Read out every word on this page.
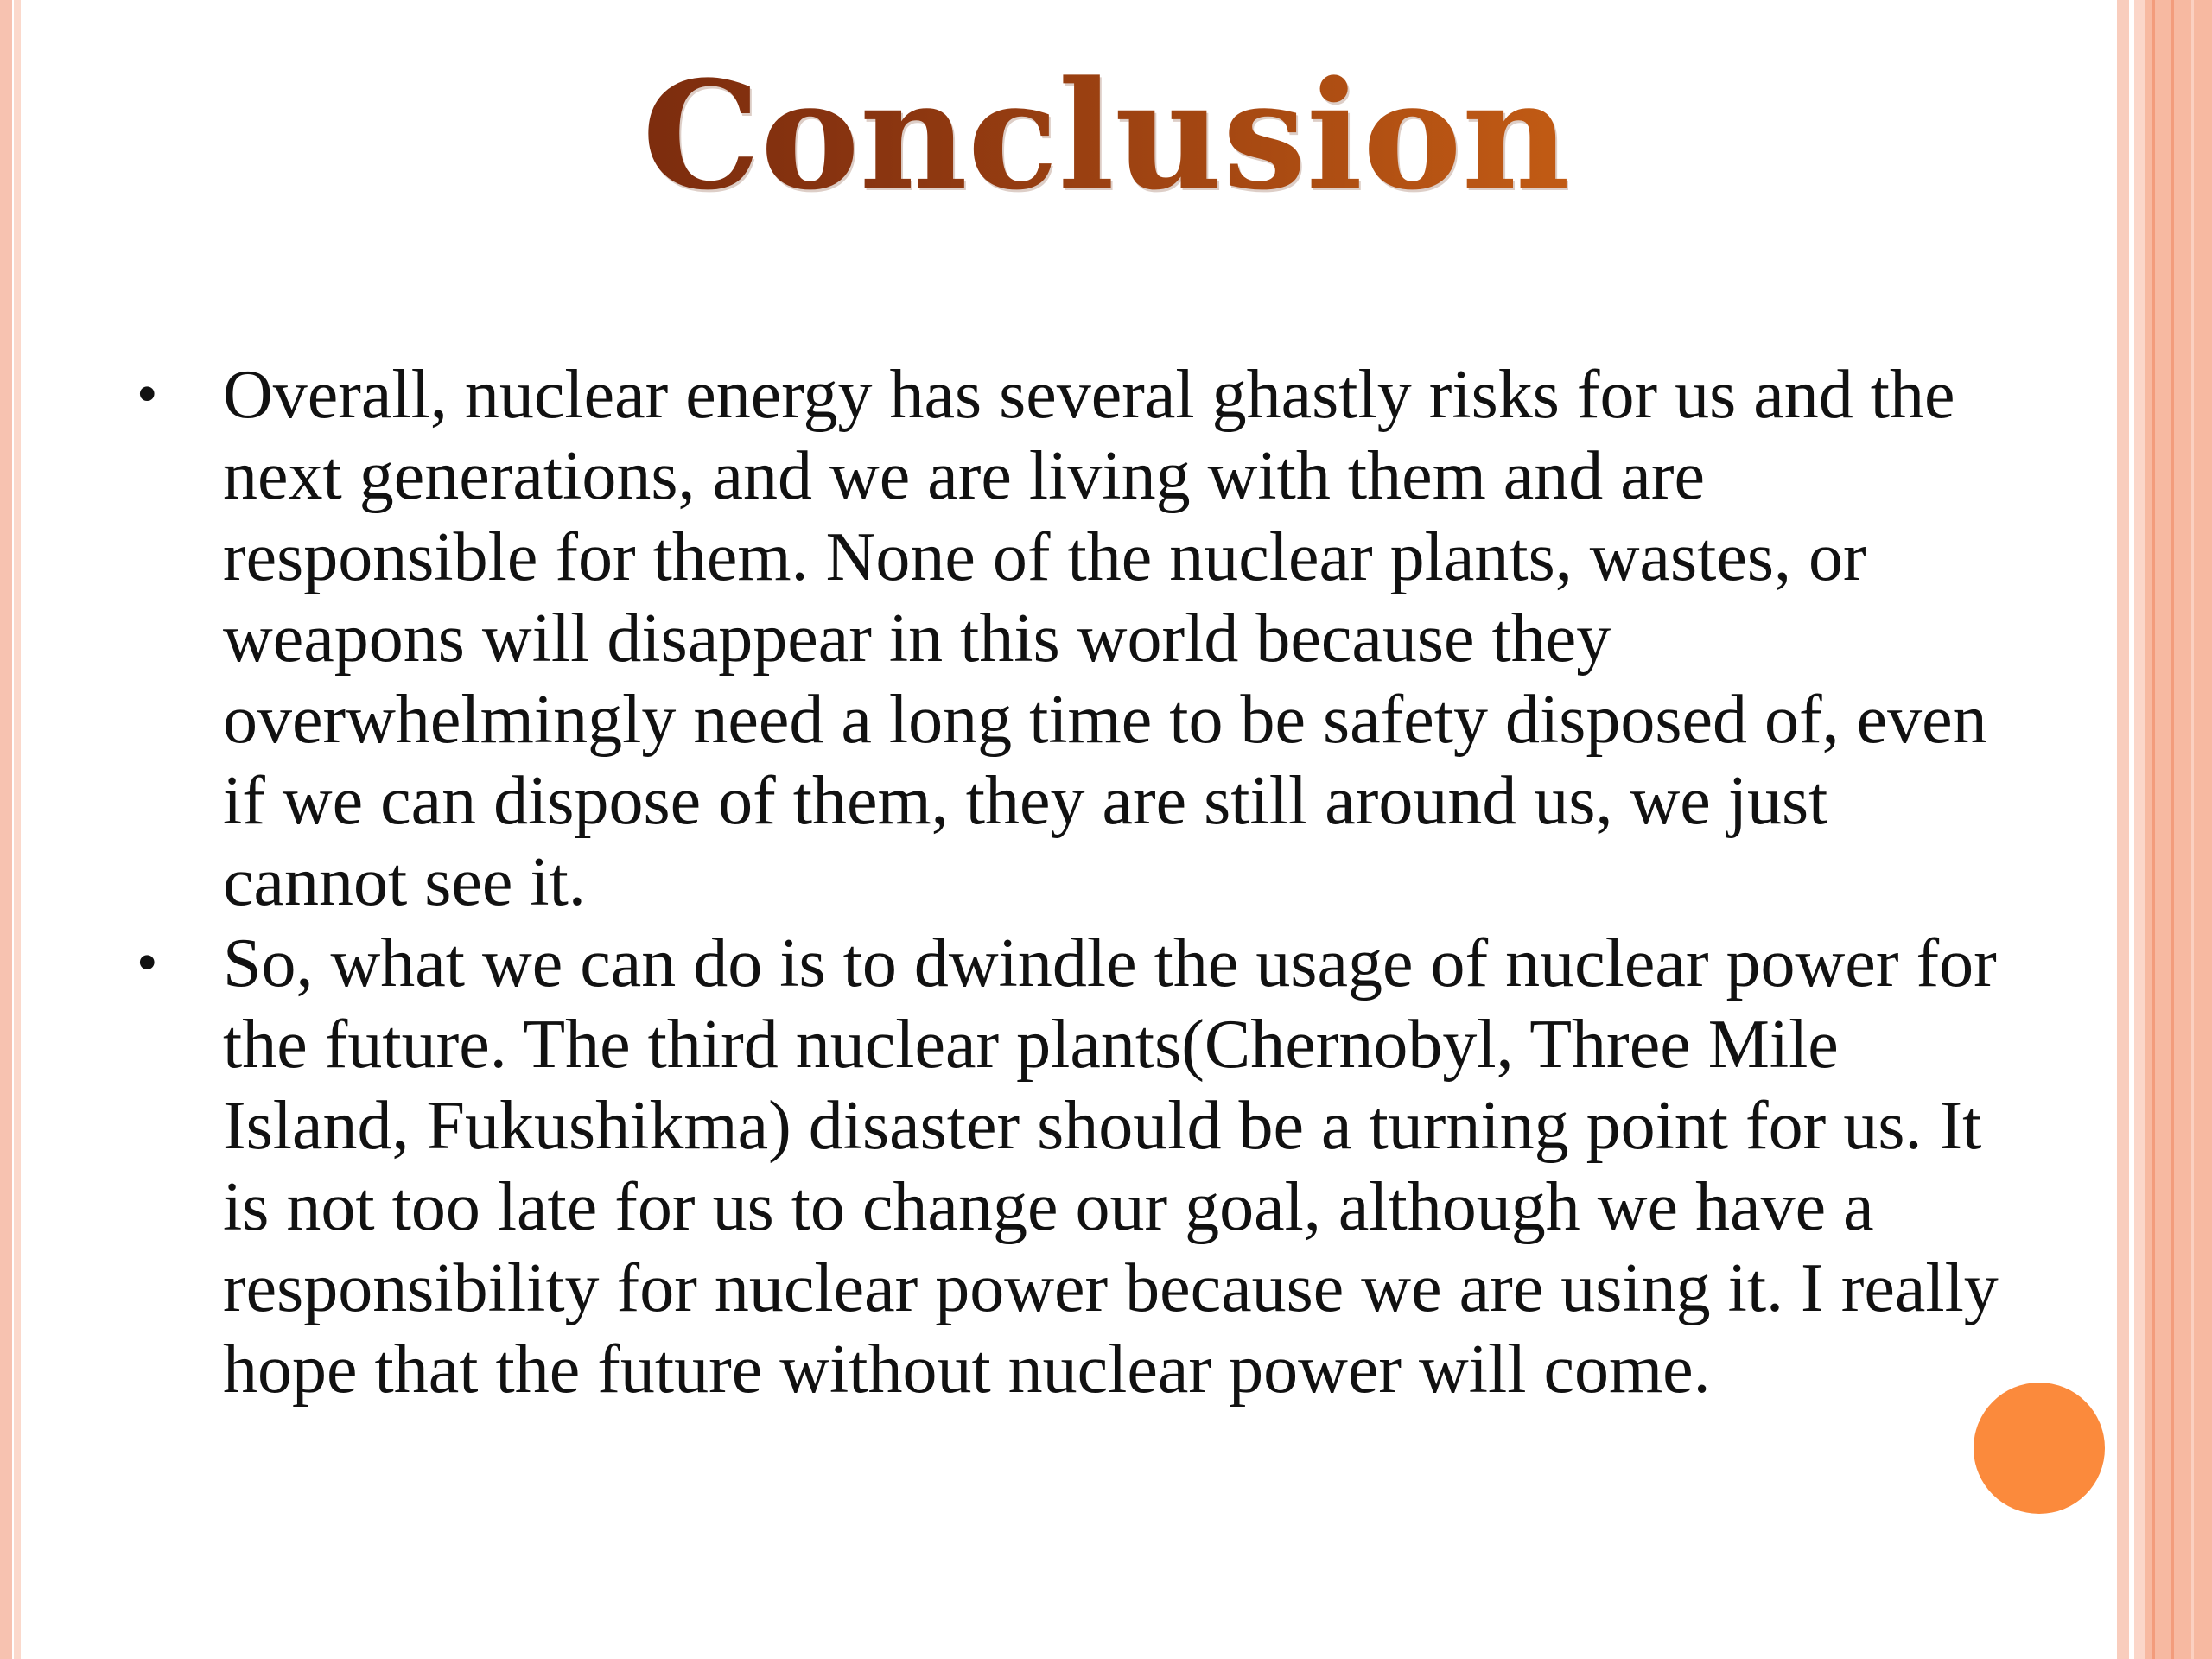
Conclusion
• Overall, nuclear energy has several ghastly risks for us and the next generations, and we are living with them and are responsible for them. None of the nuclear plants, wastes, or weapons will disappear in this world because they overwhelmingly need a long time to be safety disposed of, even if we can dispose of them, they are still around us, we just cannot see it.
• So, what we can do is to dwindle the usage of nuclear power for the future. The third nuclear plants(Chernobyl, Three Mile Island, Fukushikma) disaster should be a turning point for us. It is not too late for us to change our goal, although we have a responsibility for nuclear power because we are using it. I really hope that the future without nuclear power will come.
